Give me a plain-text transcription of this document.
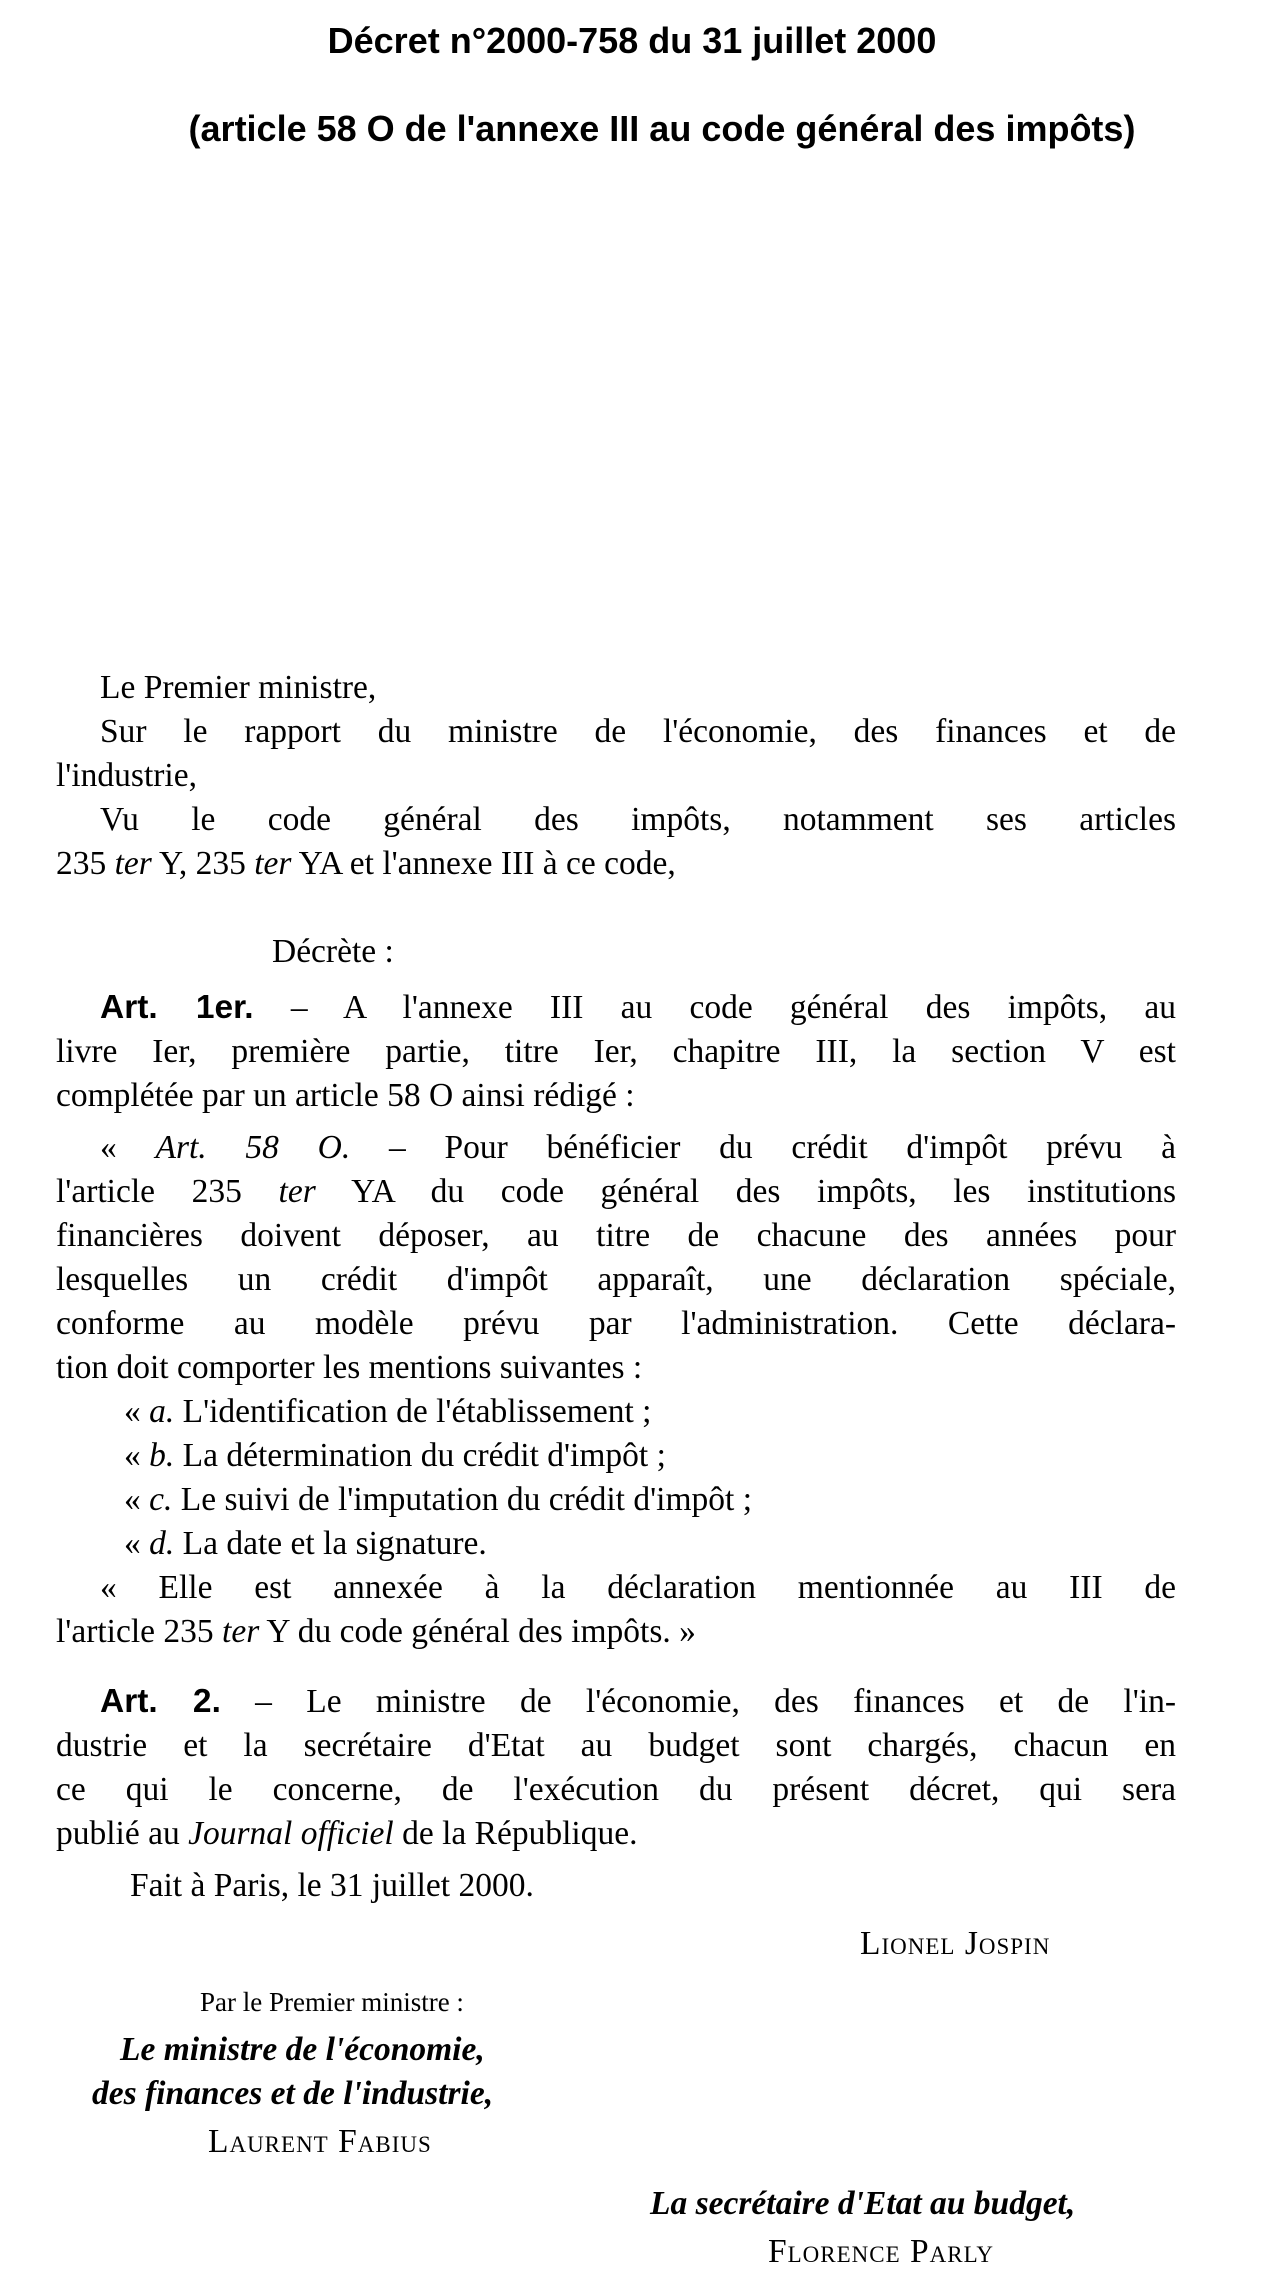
Décret n°2000-758 du 31 juillet 2000
(article 58 O de l'annexe III au code général des impôts)
Le Premier ministre,
Sur le rapport du ministre de l'économie, des finances et de
l'industrie,
Vu le code général des impôts, notamment ses articles
235 ter Y, 235 ter YA et l'annexe III à ce code,
Décrète :
Art. 1er. – A l'annexe III au code général des impôts, au
livre Ier, première partie, titre Ier, chapitre III, la section V est
complétée par un article 58 O ainsi rédigé :
« Art. 58 O. – Pour bénéficier du crédit d'impôt prévu à
l'article 235 ter YA du code général des impôts, les institutions
financières doivent déposer, au titre de chacune des années pour
lesquelles un crédit d'impôt apparaît, une déclaration spéciale,
conforme au modèle prévu par l'administration. Cette déclara-
tion doit comporter les mentions suivantes :
« a. L'identification de l'établissement ;
« b. La détermination du crédit d'impôt ;
« c. Le suivi de l'imputation du crédit d'impôt ;
« d. La date et la signature.
« Elle est annexée à la déclaration mentionnée au III de
l'article 235 ter Y du code général des impôts. »
Art. 2. – Le ministre de l'économie, des finances et de l'in-
dustrie et la secrétaire d'Etat au budget sont chargés, chacun en
ce qui le concerne, de l'exécution du présent décret, qui sera
publié au Journal officiel de la République.
Fait à Paris, le 31 juillet 2000.
Lionel Jospin
Par le Premier ministre :
Le ministre de l'économie,
des finances et de l'industrie,
Laurent Fabius
La secrétaire d'Etat au budget,
Florence Parly
